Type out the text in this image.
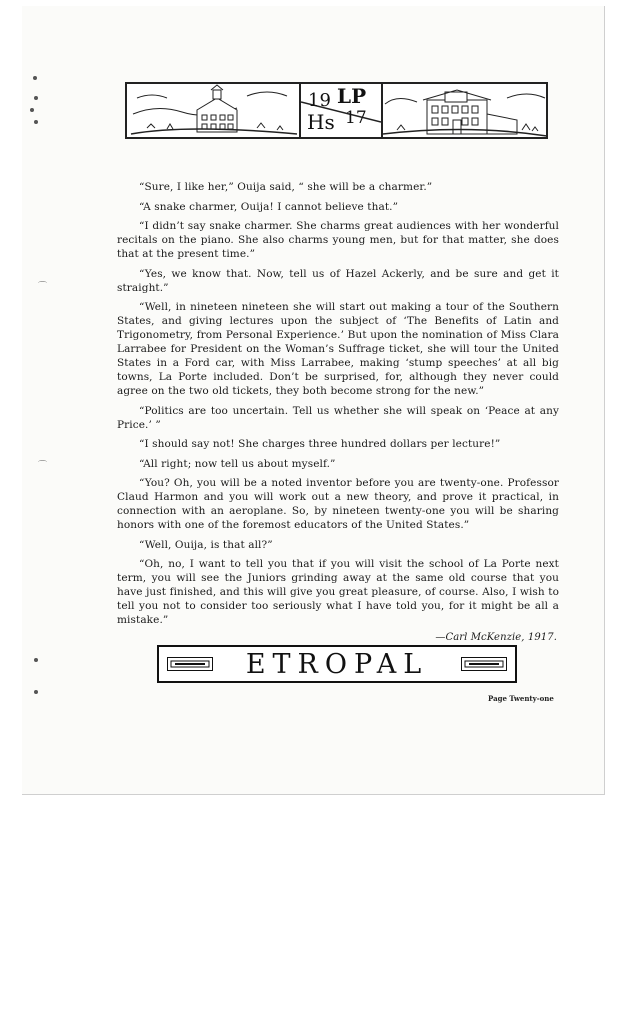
⌒
⌒
19 LP
Hs 17

“Sure, I like her,” Ouija said, “ she will be a charmer.”

“A snake charmer, Ouija! I cannot believe that.”

“I didn’t say snake charmer. She charms great audiences with her wonderful recitals on the piano. She also charms young men, but for that matter, she does that at the present time.”

“Yes, we know that. Now, tell us of Hazel Ackerly, and be sure and get it straight.”

“Well, in nineteen nineteen she will start out making a tour of the Southern States, and giving lectures upon the subject of ‘The Benefits of Latin and Trigonometry, from Personal Experience.’ But upon the nomination of Miss Clara Larrabee for President on the Woman’s Suffrage ticket, she will tour the United States in a Ford car, with Miss Larrabee, making ‘stump speeches’ at all big towns, La Porte included. Don’t be surprised, for, although they never could agree on the two old tickets, they both become strong for the new.”

“Politics are too uncertain. Tell us whether she will speak on ‘Peace at any Price.’ ”

“I should say not! She charges three hundred dollars per lecture!”

“All right; now tell us about myself.”

“You? Oh, you will be a noted inventor before you are twenty-one. Professor Claud Harmon and you will work out a new theory, and prove it practical, in connection with an aeroplane. So, by nineteen twenty-one you will be sharing honors with one of the foremost educators of the United States.”

“Well, Ouija, is that all?”

“Oh, no, I want to tell you that if you will visit the school of La Porte next term, you will see the Juniors grinding away at the same old course that you have just finished, and this will give you great pleasure, of course. Also, I wish to tell you not to consider too seriously what I have told you, for it might be all a mistake.”

—Carl McKenzie, 1917.
ETROPAL
Page Twenty-one
